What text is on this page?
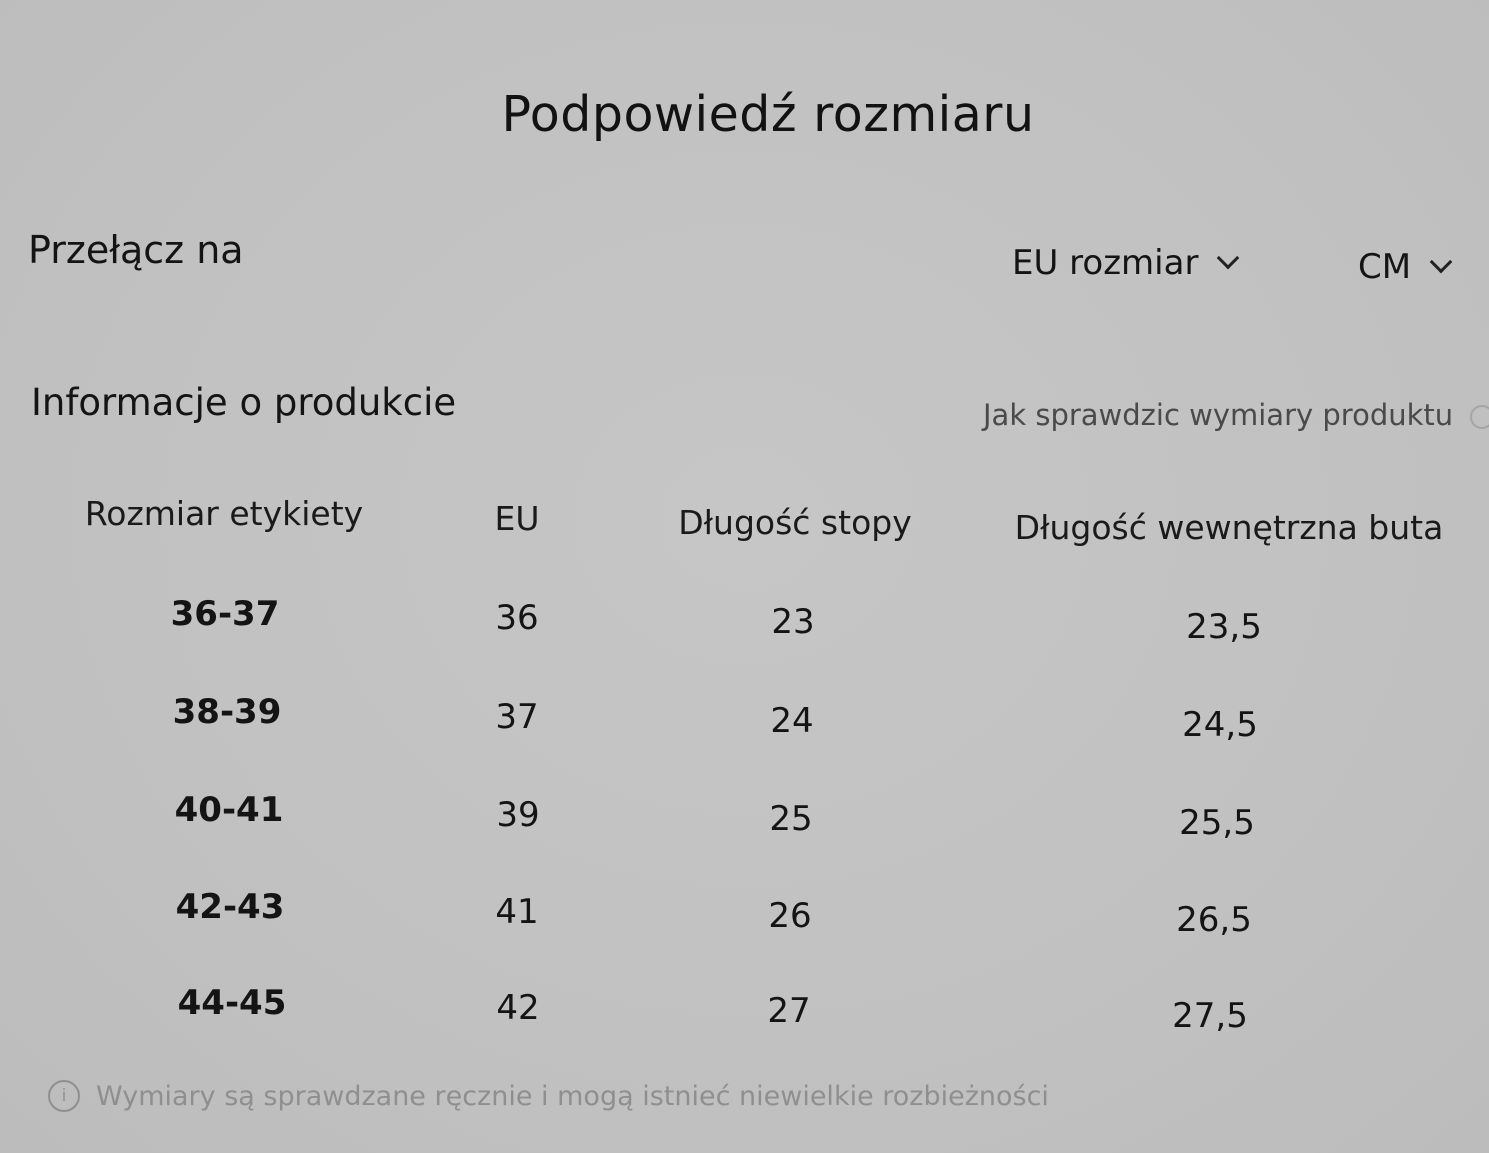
Podpowiedź rozmiaru
Przełącz na	EU rozmiar	CM
Informacje o produkcie	Jak sprawdzic wymiary produktu
Rozmiar etykiety	EU	Długość stopy	Długość wewnętrzna buta
36-37	36	23	23,5
38-39	37	24	24,5
40-41	39	25	25,5
42-43	41	26	26,5
44-45	42	27	27,5
i	Wymiary są sprawdzane ręcznie i mogą istnieć niewielkie rozbieżności
